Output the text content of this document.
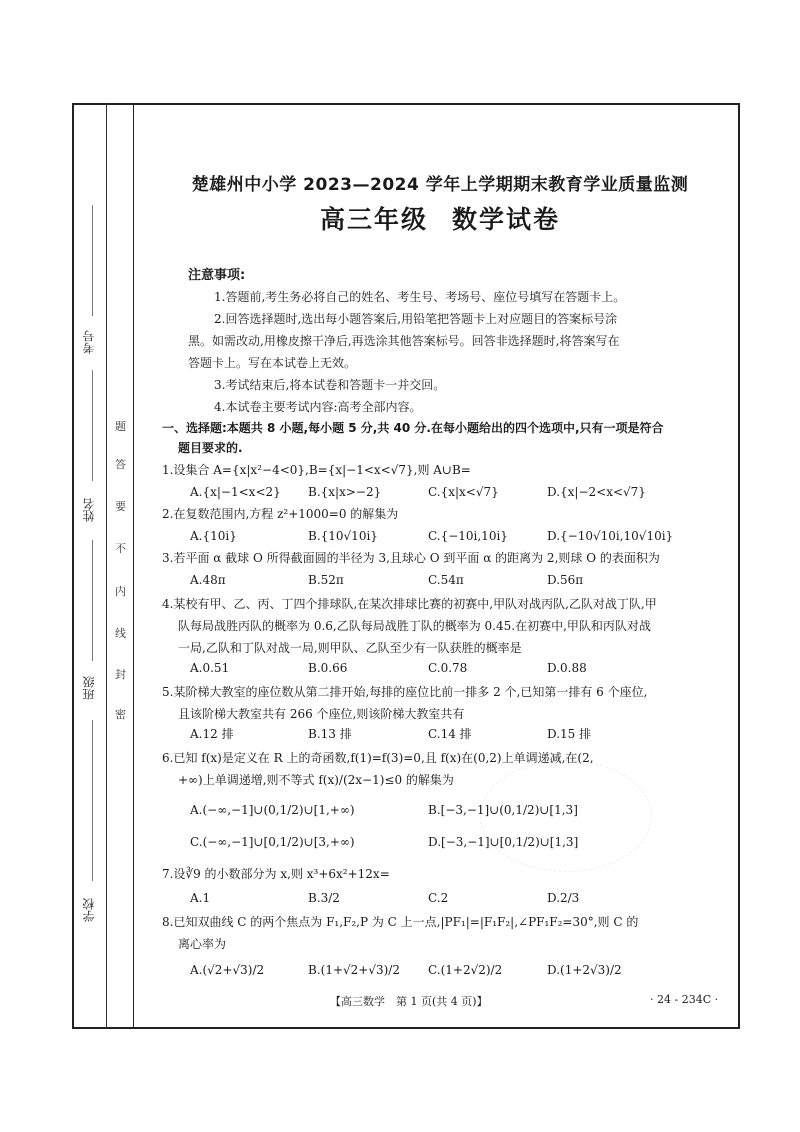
考号
姓名
班级
学校
题
答
要
不
内
线
封
密
楚雄州中小学 2023—2024 学年上学期期末教育学业质量监测
高三年级 数学试卷
注意事项:
1.答题前,考生务必将自己的姓名、考生号、考场号、座位号填写在答题卡上。
2.回答选择题时,选出每小题答案后,用铅笔把答题卡上对应题目的答案标号涂
黑。如需改动,用橡皮擦干净后,再选涂其他答案标号。回答非选择题时,将答案写在
答题卡上。写在本试卷上无效。
3.考试结束后,将本试卷和答题卡一并交回。
4.本试卷主要考试内容:高考全部内容。
一、选择题:本题共 8 小题,每小题 5 分,共 40 分.在每小题给出的四个选项中,只有一项是符合
题目要求的.
1.设集合 A={x|x²−4<0},B={x|−1<x<√7},则 A∪B=
A.{x|−1<x<2} B.{x|x>−2}	C.{x|x<√7}	D.{x|−2<x<√7}
2.在复数范围内,方程 z²+1000=0 的解集为
A.{10i}	B.{10√10i}	C.{−10i,10i}	D.{−10√10i,10√10i}
3.若平面 α 截球 O 所得截面圆的半径为 3,且球心 O 到平面 α 的距离为 2,则球 O 的表面积为
A.48π	B.52π	C.54π	D.56π
4.某校有甲、乙、丙、丁四个排球队,在某次排球比赛的初赛中,甲队对战丙队,乙队对战丁队,甲
队每局战胜丙队的概率为 0.6,乙队每局战胜丁队的概率为 0.45.在初赛中,甲队和丙队对战
一局,乙队和丁队对战一局,则甲队、乙队至少有一队获胜的概率是
A.0.51	B.0.66	C.0.78	D.0.88
5.某阶梯大教室的座位数从第二排开始,每排的座位比前一排多 2 个,已知第一排有 6 个座位,
且该阶梯大教室共有 266 个座位,则该阶梯大教室共有
A.12 排	B.13 排	C.14 排	D.15 排
6.已知 f(x)是定义在 R 上的奇函数,f(1)=f(3)=0,且 f(x)在(0,2)上单调递减,在(2,
+∞)上单调递增,则不等式 f(x)/(2x−1)≤0 的解集为
A.(−∞,−1]∪(0,1/2)∪[1,+∞)	B.[−3,−1]∪(0,1/2)∪[1,3]
C.(−∞,−1]∪[0,1/2)∪[3,+∞)	D.[−3,−1]∪[0,1/2)∪[1,3]
7.设∛9 的小数部分为 x,则 x³+6x²+12x=
A.1	B.3/2	C.2	D.2/3
8.已知双曲线 C 的两个焦点为 F₁,F₂,P 为 C 上一点,|PF₁|=|F₁F₂|,∠PF₁F₂=30°,则 C 的
离心率为
A.(√2+√3)/2	B.(1+√2+√3)/2 C.(1+2√2)/2	D.(1+2√3)/2
【高三数学　第 1 页(共 4 页)】	· 24 - 234C ·
